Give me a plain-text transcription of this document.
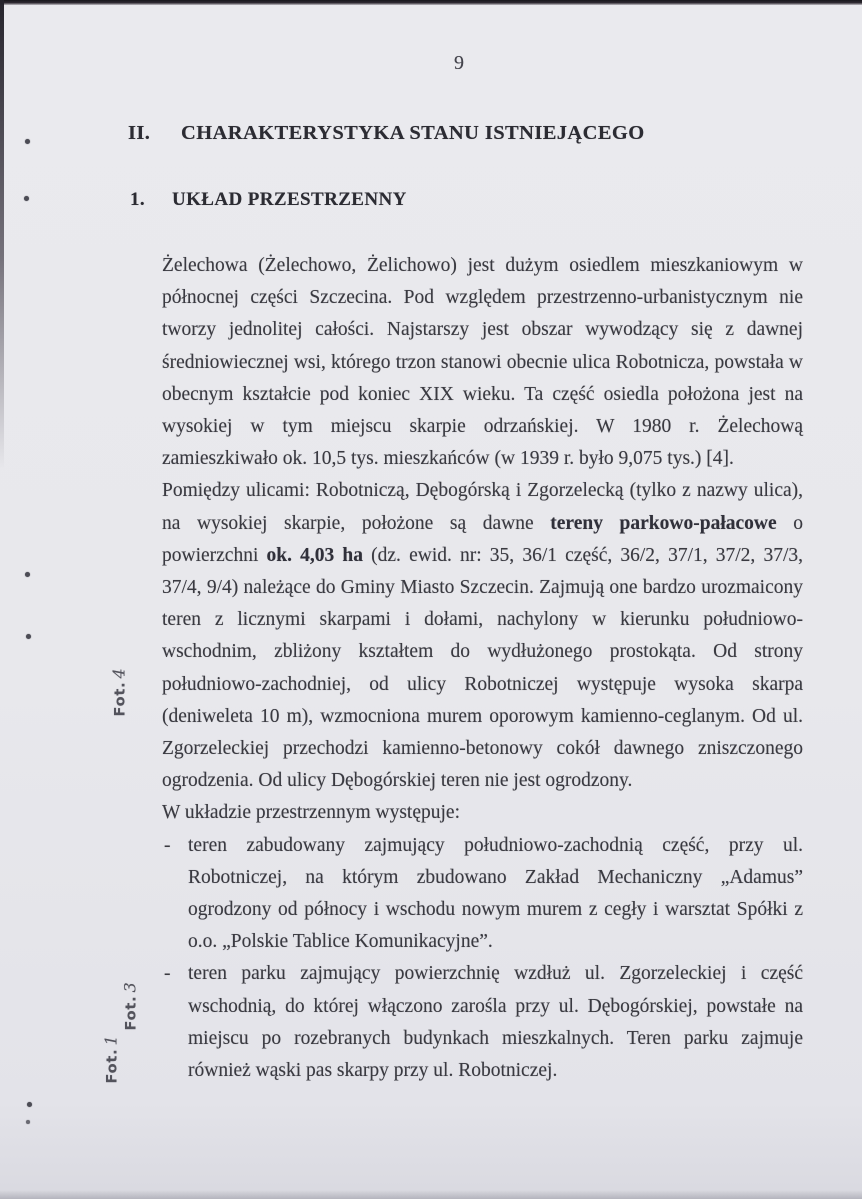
9
II.	CHARAKTERYSTYKA STANU ISTNIEJĄCEGO
1.	UKŁAD PRZESTRZENNY

Żelechowa (Żelechowo, Żelichowo) jest dużym osiedlem mieszkaniowym w północnej części Szczecina. Pod względem przestrzenno-urbanistycznym nie tworzy jednolitej całości. Najstarszy jest obszar wywodzący się z dawnej średniowiecznej wsi, którego trzon stanowi obecnie ulica Robotnicza, powstała w obecnym kształcie pod koniec XIX wieku. Ta część osiedla położona jest na wysokiej w tym miejscu skarpie odrzańskiej. W 1980 r. Żelechową zamieszkiwało ok. 10,5 tys. mieszkańców (w 1939 r. było 9,075 tys.) [4].

Pomiędzy ulicami: Robotniczą, Dębogórską i Zgorzelecką (tylko z nazwy ulica), na wysokiej skarpie, położone są dawne tereny parkowo-pałacowe o powierzchni ok. 4,03 ha (dz. ewid. nr: 35, 36/1 część, 36/2, 37/1, 37/2, 37/3, 37/4, 9/4) należące do Gminy Miasto Szczecin. Zajmują one bardzo urozmaicony teren z licznymi skarpami i dołami, nachylony w kierunku południowo-wschodnim, zbliżony kształtem do wydłużonego prostokąta. Od strony południowo-zachodniej, od ulicy Robotniczej występuje wysoka skarpa (deniweleta 10 m), wzmocniona murem oporowym kamienno-ceglanym. Od ul. Zgorzeleckiej przechodzi kamienno-betonowy cokół dawnego zniszczonego ogrodzenia. Od ulicy Dębogórskiej teren nie jest ogrodzony.

W układzie przestrzennym występuje:

- teren zabudowany zajmujący południowo-zachodnią część, przy ul. Robotniczej, na którym zbudowano Zakład Mechaniczny „Adamus” ogrodzony od północy i wschodu nowym murem z cegły i warsztat Spółki z o.o. „Polskie Tablice Komunikacyjne”.
- teren parku zajmujący powierzchnię wzdłuż ul. Zgorzeleckiej i część wschodnią, do której włączono zarośla przy ul. Dębogórskiej, powstałe na miejscu po rozebranych budynkach mieszkalnych. Teren parku zajmuje również wąski pas skarpy przy ul. Robotniczej.
Fot.4
Fot.3
Fot.1
